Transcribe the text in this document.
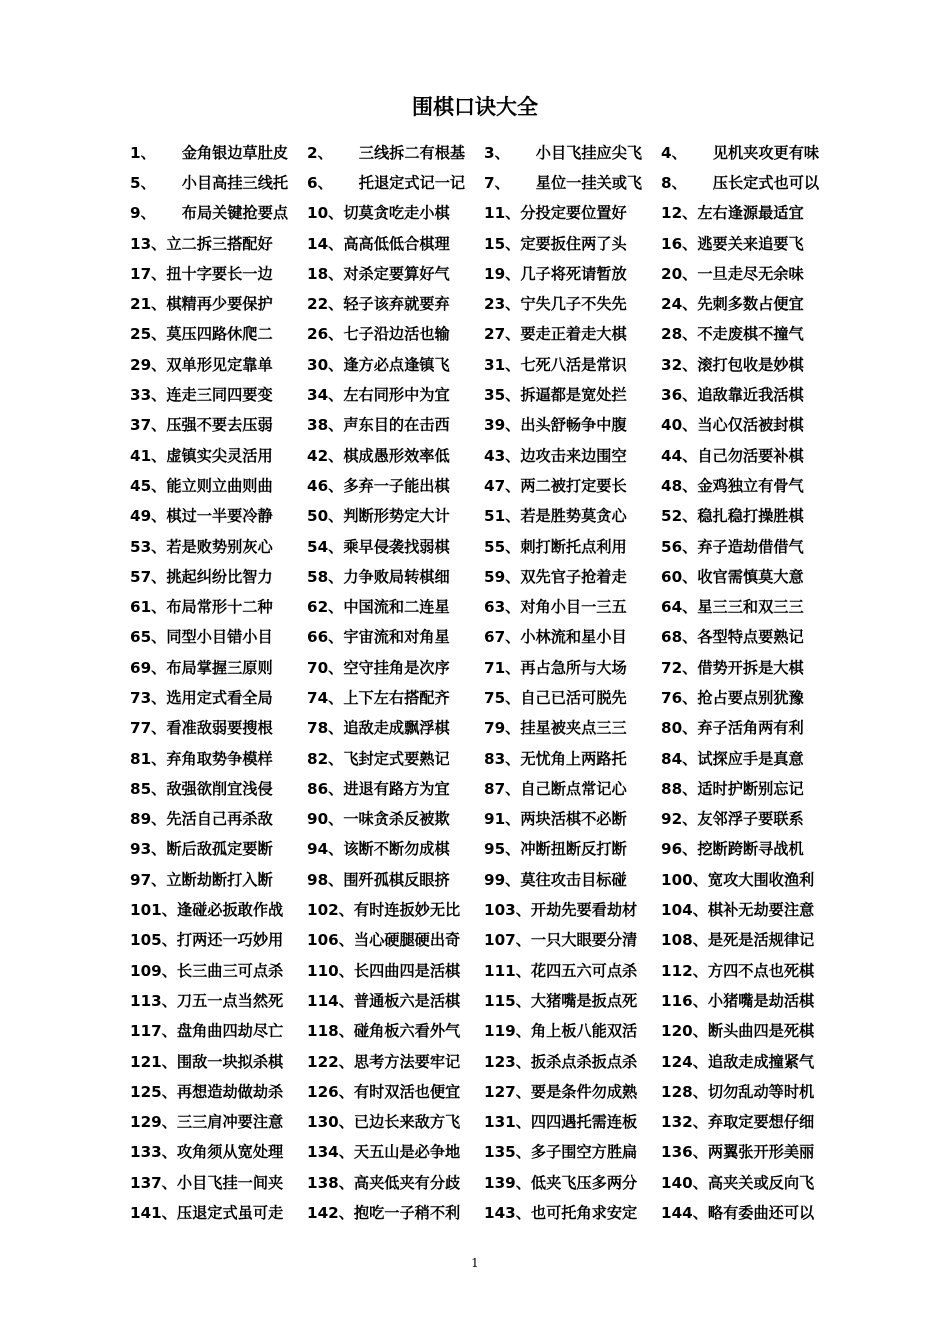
围棋口诀大全
1、 金角银边草肚皮 2、 三线拆二有根基 3、 小目飞挂应尖飞 4、 见机夹攻更有味
5、 小目高挂三线托 6、 托退定式记一记 7、 星位一挂关或飞 8、 压长定式也可以
9、 布局关键抢要点 10、 切莫贪吃走小棋 11、 分投定要位置好 12、 左右逢源最适宜
13、 立二拆三搭配好 14、 高高低低合棋理 15、 定要扳住两了头 16、 逃要关来追要飞
17、 扭十字要长一边 18、 对杀定要算好气 19、 几子将死请暂放 20、 一旦走尽无余味
21、 棋精再少要保护 22、 轻子该弃就要弃 23、 宁失几子不失先 24、 先刺多数占便宜
25、 莫压四路休爬二 26、 七子沿边活也输 27、 要走正着走大棋 28、 不走废棋不撞气
29、 双单形见定靠单 30、 逢方必点逢镇飞 31、 七死八活是常识 32、 滚打包收是妙棋
33、 连走三同四要变 34、 左右同形中为宜 35、 拆逼都是宽处拦 36、 追敌靠近我活棋
37、 压强不要去压弱 38、 声东目的在击西 39、 出头舒畅争中腹 40、 当心仅活被封棋
41、 虚镇实尖灵活用 42、 棋成愚形效率低 43、 边攻击来边围空 44、 自己勿活要补棋
45、 能立则立曲则曲 46、 多弃一子能出棋 47、 两二被打定要长 48、 金鸡独立有骨气
49、 棋过一半要冷静 50、 判断形势定大计 51、 若是胜势莫贪心 52、 稳扎稳打操胜棋
53、 若是败势别灰心 54、 乘早侵袭找弱棋 55、 刺打断托点利用 56、 弃子造劫借借气
57、 挑起纠纷比智力 58、 力争败局转棋细 59、 双先官子抢着走 60、 收官需慎莫大意
61、 布局常形十二种 62、 中国流和二连星 63、 对角小目一三五 64、 星三三和双三三
65、 同型小目错小目 66、 宇宙流和对角星 67、 小林流和星小目 68、 各型特点要熟记
69、 布局掌握三原则 70、 空守挂角是次序 71、 再占急所与大场 72、 借势开拆是大棋
73、 选用定式看全局 74、 上下左右搭配齐 75、 自己已活可脱先 76、 抢占要点别犹豫
77、 看准敌弱要搜根 78、 追敌走成飘浮棋 79、 挂星被夹点三三 80、 弃子活角两有利
81、 弃角取势争模样 82、 飞封定式要熟记 83、 无忧角上两路托 84、 试探应手是真意
85、 敌强欲削宜浅侵 86、 进退有路方为宜 87、 自己断点常记心 88、 适时护断别忘记
89、 先活自己再杀敌 90、 一味贪杀反被欺 91、 两块活棋不必断 92、 友邻浮子要联系
93、 断后敌孤定要断 94、 该断不断勿成棋 95、 冲断扭断反打断 96、 挖断跨断寻战机
97、 立断劫断打入断 98、 围歼孤棋反眼挤 99、 莫往攻击目标碰 100、 宽攻大围收渔利
101、 逢碰必扳敢作战 102、 有时连扳妙无比 103、 开劫先要看劫材 104、 棋补无劫要注意
105、 打两还一巧妙用 106、 当心硬腿硬出奇 107、 一只大眼要分清 108、 是死是活规律记
109、 长三曲三可点杀 110、 长四曲四是活棋 111、 花四五六可点杀 112、 方四不点也死棋
113、 刀五一点当然死 114、 普通板六是活棋 115、 大猪嘴是扳点死 116、 小猪嘴是劫活棋
117、 盘角曲四劫尽亡 118、 碰角板六看外气 119、 角上板八能双活 120、 断头曲四是死棋
121、 围敌一块拟杀棋 122、 思考方法要牢记 123、 扳杀点杀扳点杀 124、 追敌走成撞紧气
125、 再想造劫做劫杀 126、 有时双活也便宜 127、 要是条件勿成熟 128、 切勿乱动等时机
129、 三三肩冲要注意 130、 已边长来敌方飞 131、 四四遇托需连板 132、 弃取定要想仔细
133、 攻角须从宽处理 134、 天五山是必争地 135、 多子围空方胜扁 136、 两翼张开形美丽
137、 小目飞挂一间夹 138、 高夹低夹有分歧 139、 低夹飞压多两分 140、 高夹关或反向飞
141、 压退定式虽可走 142、 抱吃一子稍不利 143、 也可托角求安定 144、 略有委曲还可以
1
